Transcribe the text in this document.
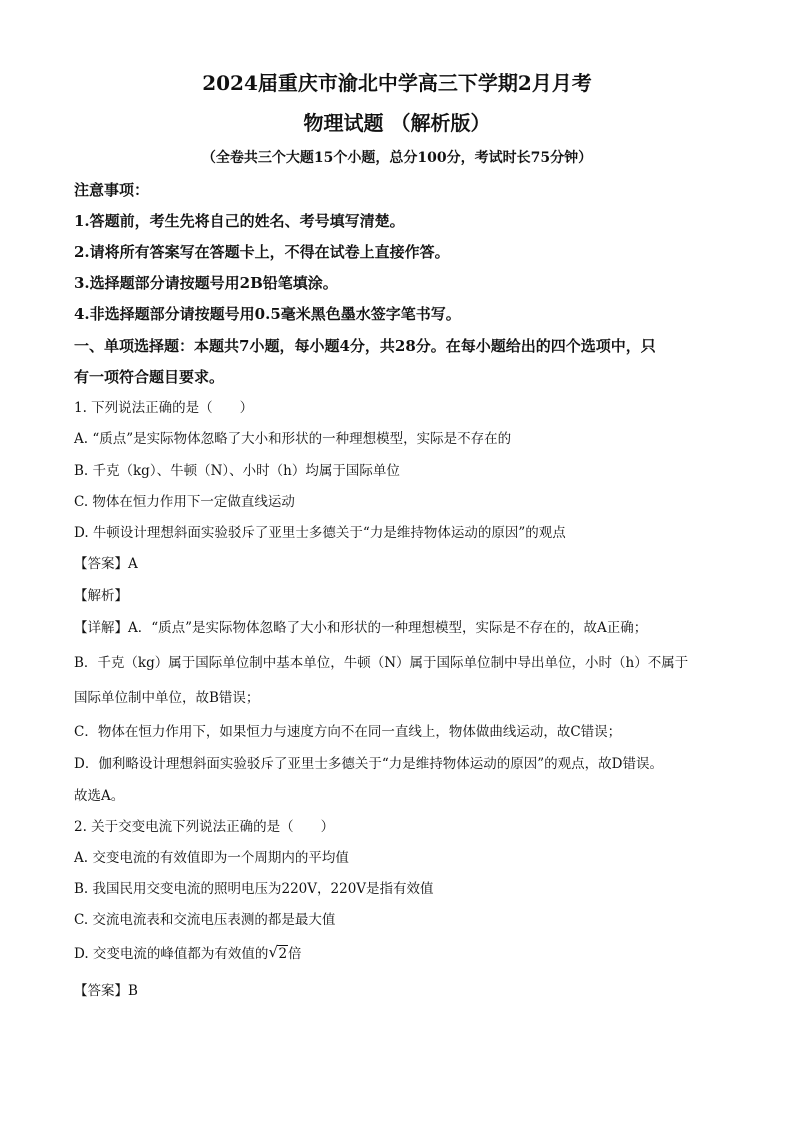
2024届重庆市渝北中学高三下学期2月月考
物理试题 （解析版）
（全卷共三个大题15个小题，总分100分，考试时长75分钟）
注意事项：
1.答题前，考生先将自己的姓名、考号填写清楚。
2.请将所有答案写在答题卡上，不得在试卷上直接作答。
3.选择题部分请按题号用2B铅笔填涂。
4.非选择题部分请按题号用0.5毫米黑色墨水签字笔书写。
一、单项选择题：本题共7小题，每小题4分，共28分。在每小题给出的四个选项中，只
有一项符合题目要求。
1. 下列说法正确的是（　　）
A. “质点”是实际物体忽略了大小和形状的一种理想模型，实际是不存在的
B. 千克（kg）、牛顿（N）、小时（h）均属于国际单位
C. 物体在恒力作用下一定做直线运动
D. 牛顿设计理想斜面实验驳斥了亚里士多德关于“力是维持物体运动的原因”的观点
【答案】A
【解析】
【详解】A．“质点”是实际物体忽略了大小和形状的一种理想模型，实际是不存在的，故A正确；
B．千克（kg）属于国际单位制中基本单位，牛顿（N）属于国际单位制中导出单位，小时（h）不属于
国际单位制中单位，故B错误；
C．物体在恒力作用下，如果恒力与速度方向不在同一直线上，物体做曲线运动，故C错误；
D．伽利略设计理想斜面实验驳斥了亚里士多德关于“力是维持物体运动的原因”的观点，故D错误。
故选A。
2. 关于交变电流下列说法正确的是（　　）
A. 交变电流的有效值即为一个周期内的平均值
B. 我国民用交变电流的照明电压为220V，220V是指有效值
C. 交流电流表和交流电压表测的都是最大值
D. 交变电流的峰值都为有效值的 √ 2倍
【答案】B
